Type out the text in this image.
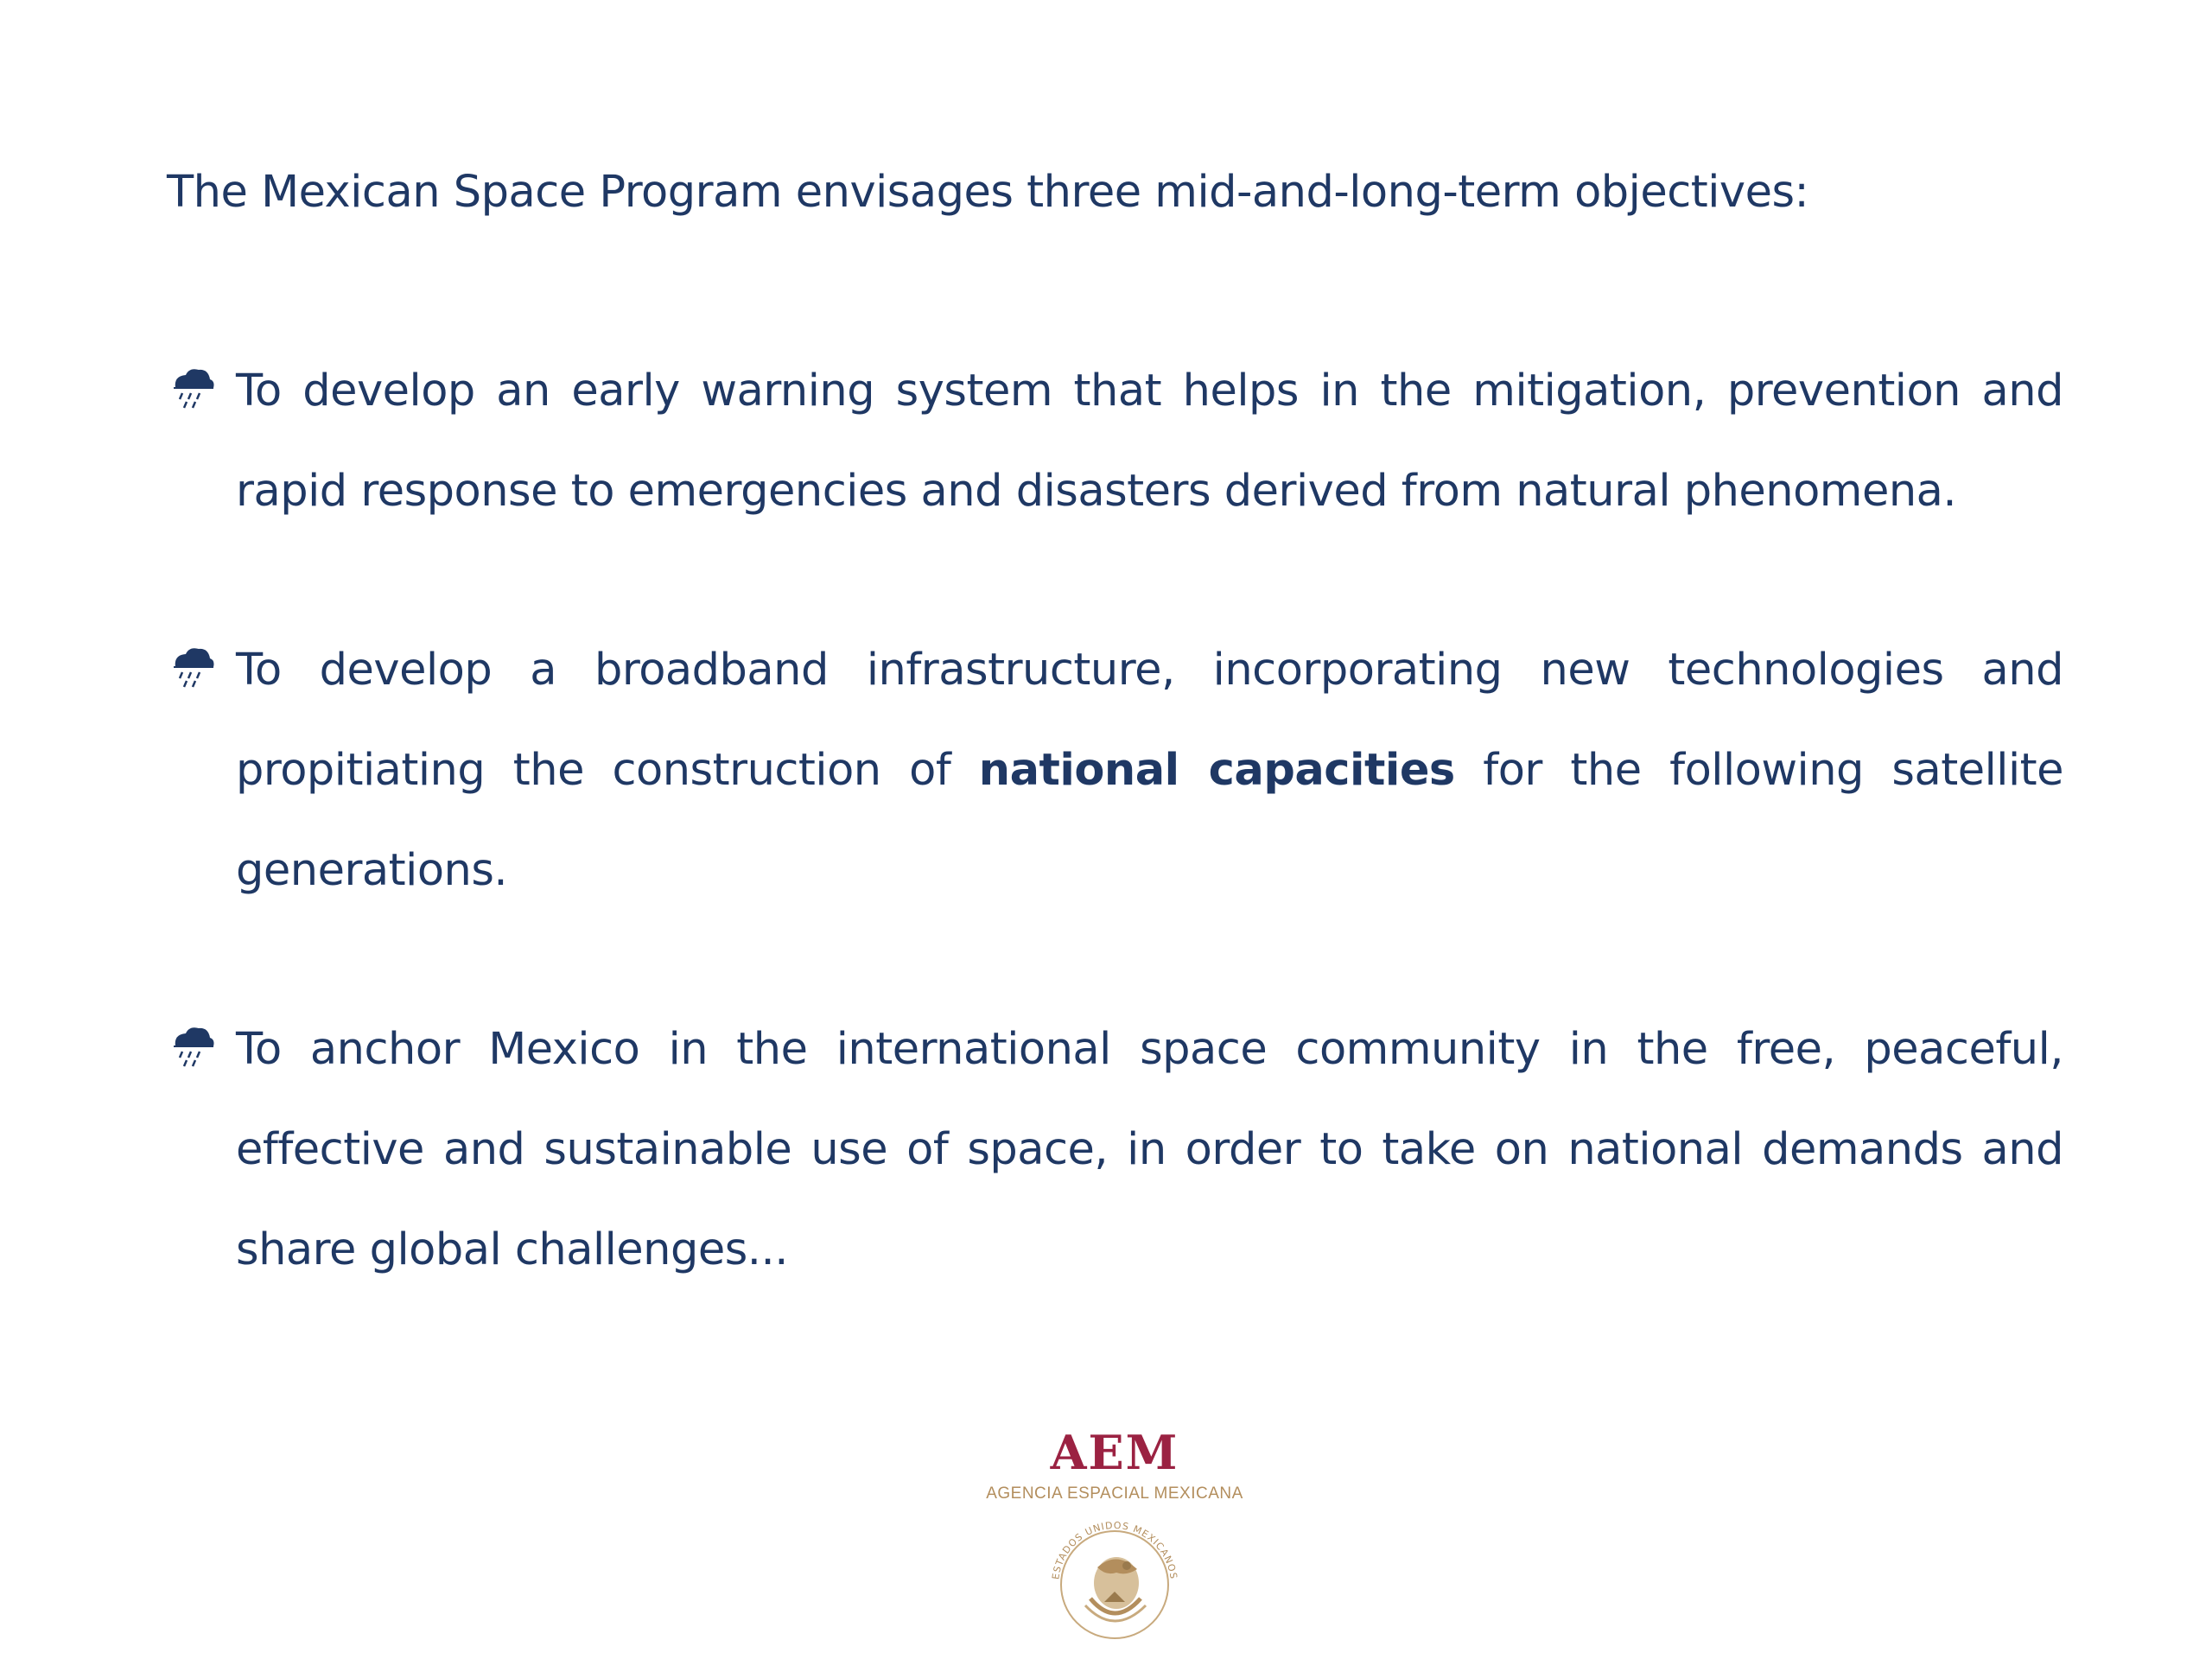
The Mexican Space Program envisages three mid-and-long-term objectives:

To develop an early warning system that helps in the mitigation, prevention and rapid response to emergencies and disasters derived from natural phenomena.
To develop a broadband infrastructure, incorporating new technologies and propitiating the construction of national capacities for the following satellite generations.
To anchor Mexico in the international space community in the free, peaceful, effective and sustainable use of space, in order to take on national demands and share global challenges...
AEM
AGENCIA ESPACIAL MEXICANA
ESTADOS UNIDOS MEXICANOS
